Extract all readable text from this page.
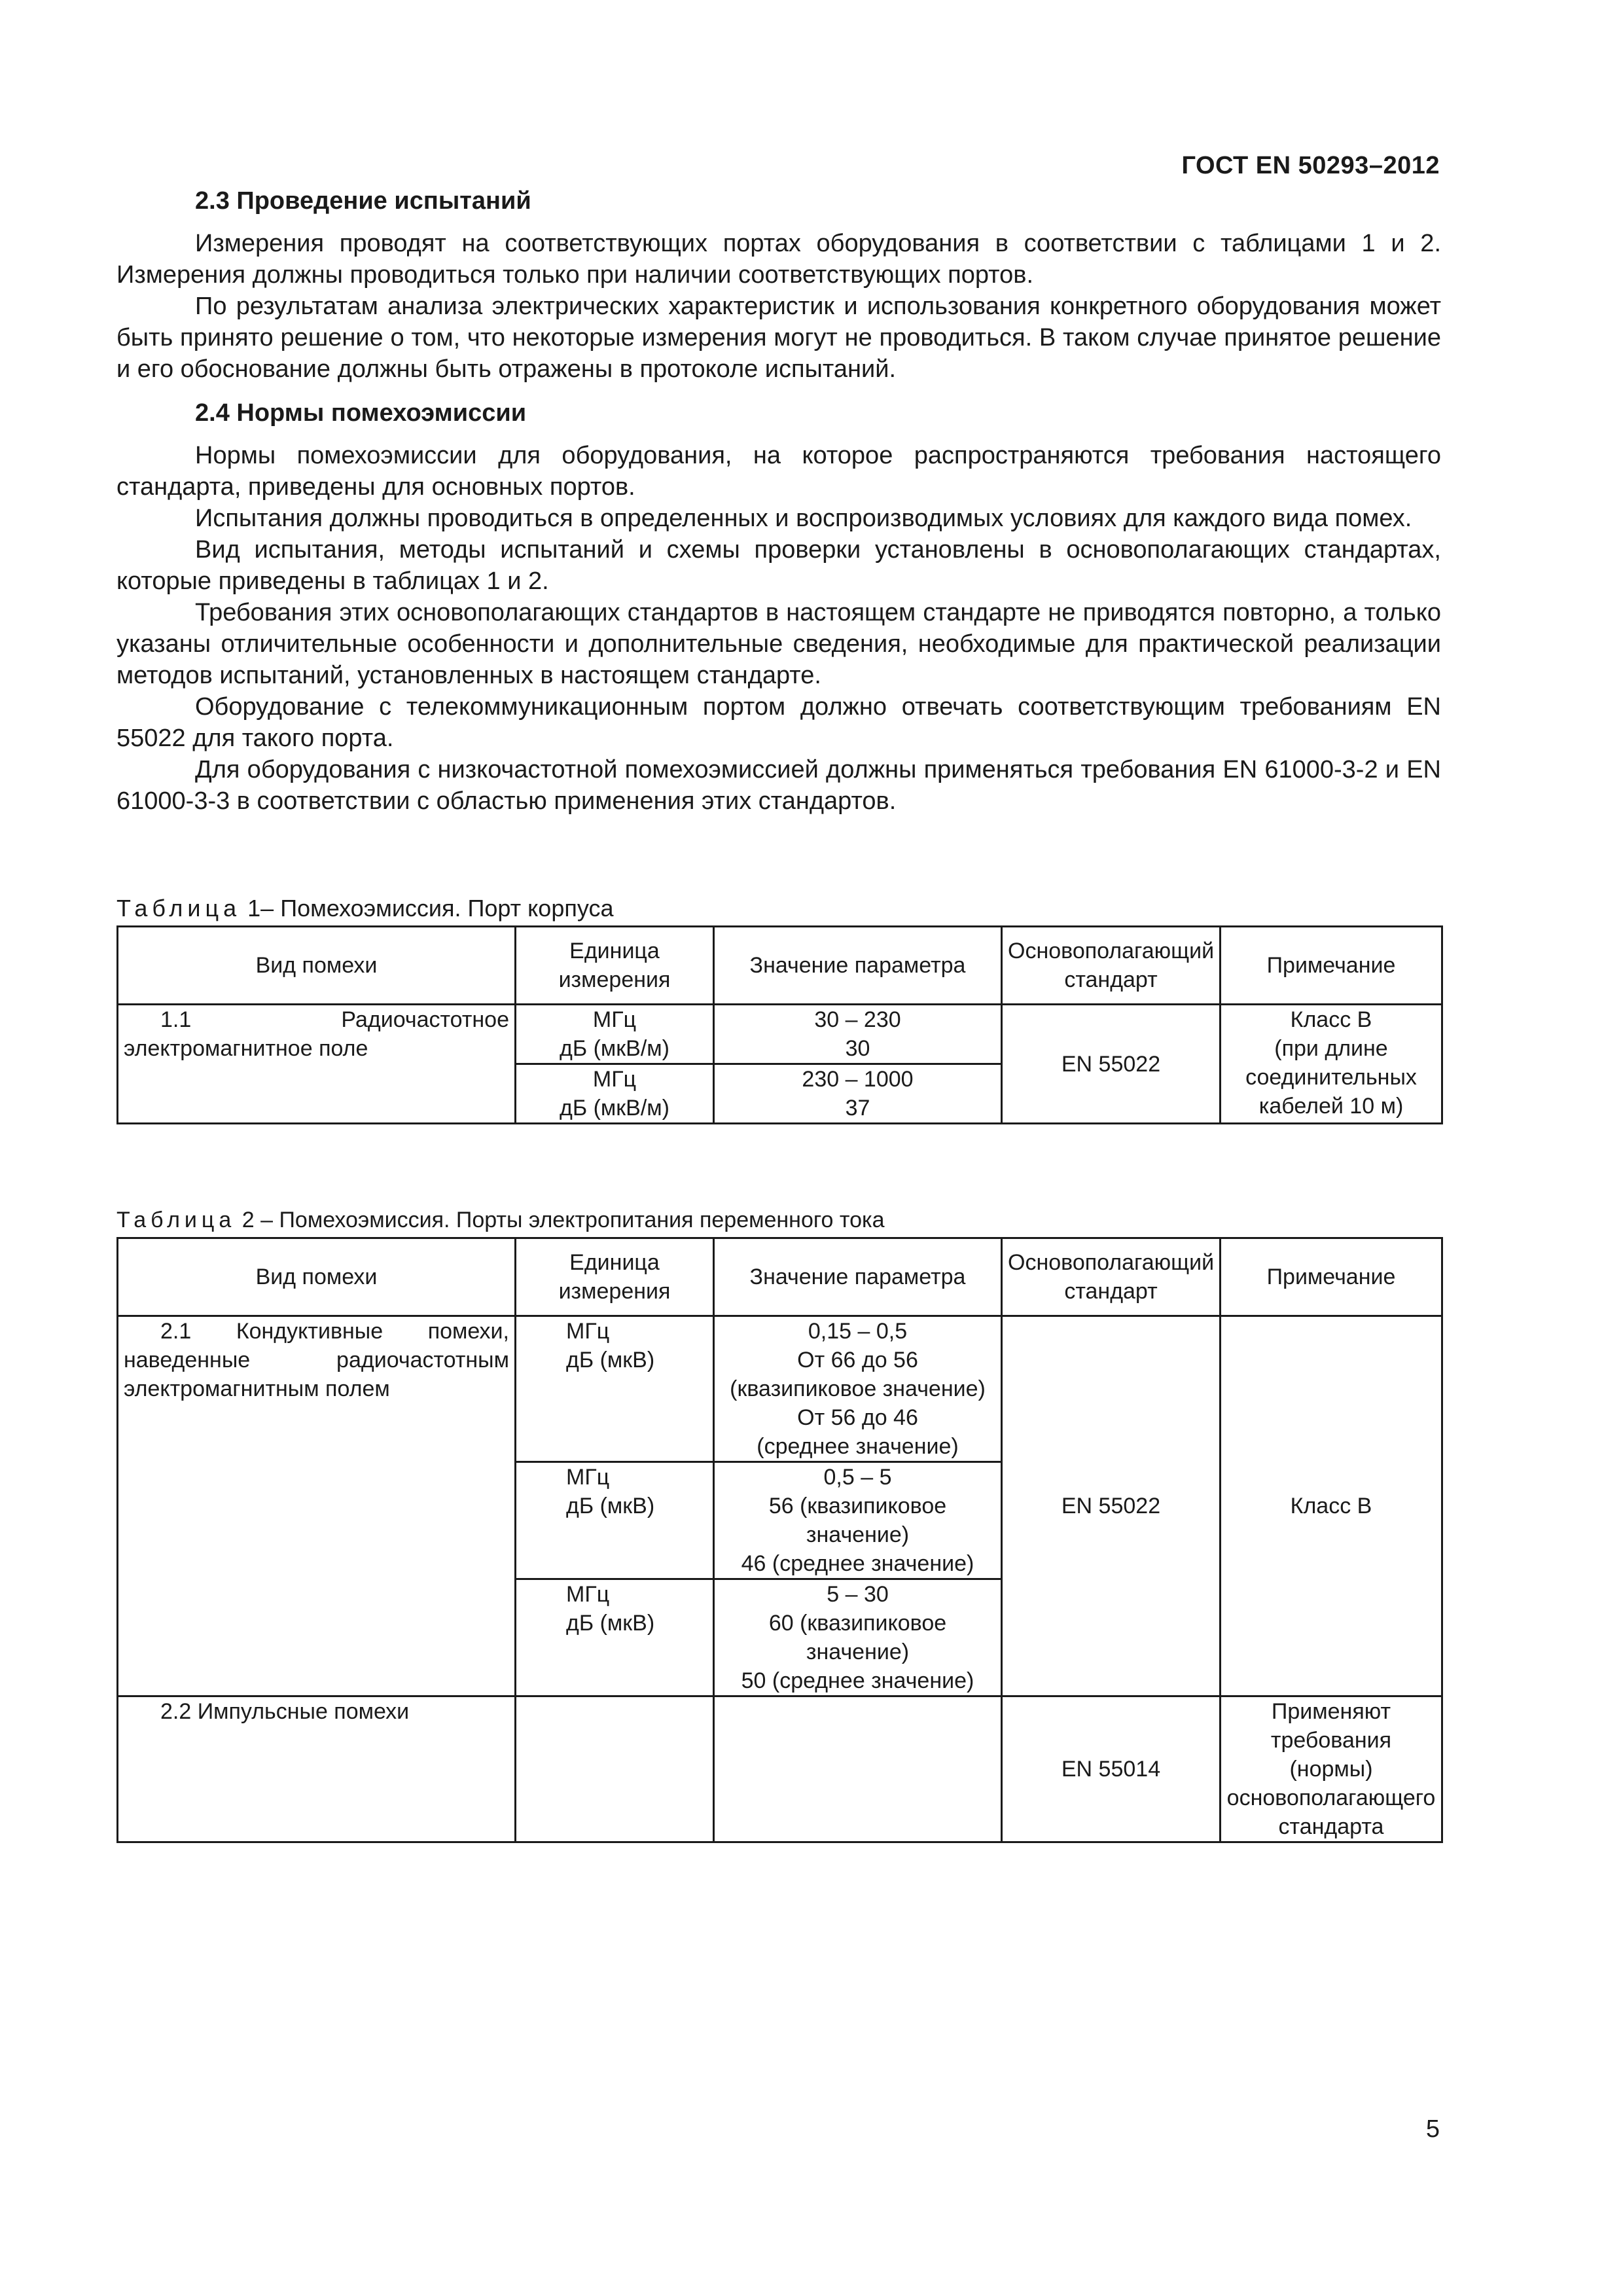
ГОСТ EN 50293–2012
2.3 Проведение испытаний

Измерения проводят на соответствующих портах оборудования в соответствии с таблицами 1 и 2. Измерения должны проводиться только при наличии соответствующих портов.

По результатам анализа электрических характеристик и использования конкретного оборудования может быть принято решение о том, что некоторые измерения могут не проводиться. В таком случае принятое решение и его обоснование должны быть отражены в протоколе испытаний.

2.4 Нормы помехоэмиссии

Нормы помехоэмиссии для оборудования, на которое распространяются требования настоящего стандарта, приведены для основных портов.

Испытания должны проводиться в определенных и воспроизводимых условиях для каждого вида помех.

Вид испытания, методы испытаний и схемы проверки установлены в основополагающих стандартах, которые приведены в таблицах 1 и 2.

Требования этих основополагающих стандартов в настоящем стандарте не приводятся повторно, а только указаны отличительные особенности и дополнительные сведения, необходимые для практической реализации методов испытаний, установленных в настоящем стандарте.

Оборудование с телекоммуникационным портом должно отвечать соответствующим требованиям EN 55022 для такого порта.

Для оборудования с низкочастотной помехоэмиссией должны применяться требования EN 61000-3-2 и EN 61000-3-3 в соответствии с областью применения этих стандартов.

Таблица 1– Помехоэмиссия. Порт корпуса
Вид помехи	Единица измерения	Значение параметра	Основополагающий стандарт	Примечание
1.1 Радиочастотное электромагнитное поле	МГц
дБ (мкВ/м)	30 – 230
30	EN 55022	Класс В
(при длине соединительных кабелей 10 м)
	МГц
дБ (мкВ/м)	230 – 1000
37		
Таблица 2 – Помехоэмиссия. Порты электропитания переменного тока
Вид помехи	Единица измерения	Значение параметра	Основополагающий стандарт	Примечание
2.1 Кондуктивные помехи, наведенные радиочастотным электромагнитным полем	МГц
дБ (мкВ)	0,15 – 0,5
От 66 до 56
(квазипиковое значение)
От 56 до 46
(среднее значение)	EN 55022	Класс В
	МГц
дБ (мкВ)	0,5 – 5
56 (квазипиковое значение)
46 (среднее значение)		
	МГц
дБ (мкВ)	5 – 30
60 (квазипиковое значение)
50 (среднее значение)		
2.2 Импульсные помехи			EN 55014	Применяют требования (нормы) основополагающего стандарта
5
